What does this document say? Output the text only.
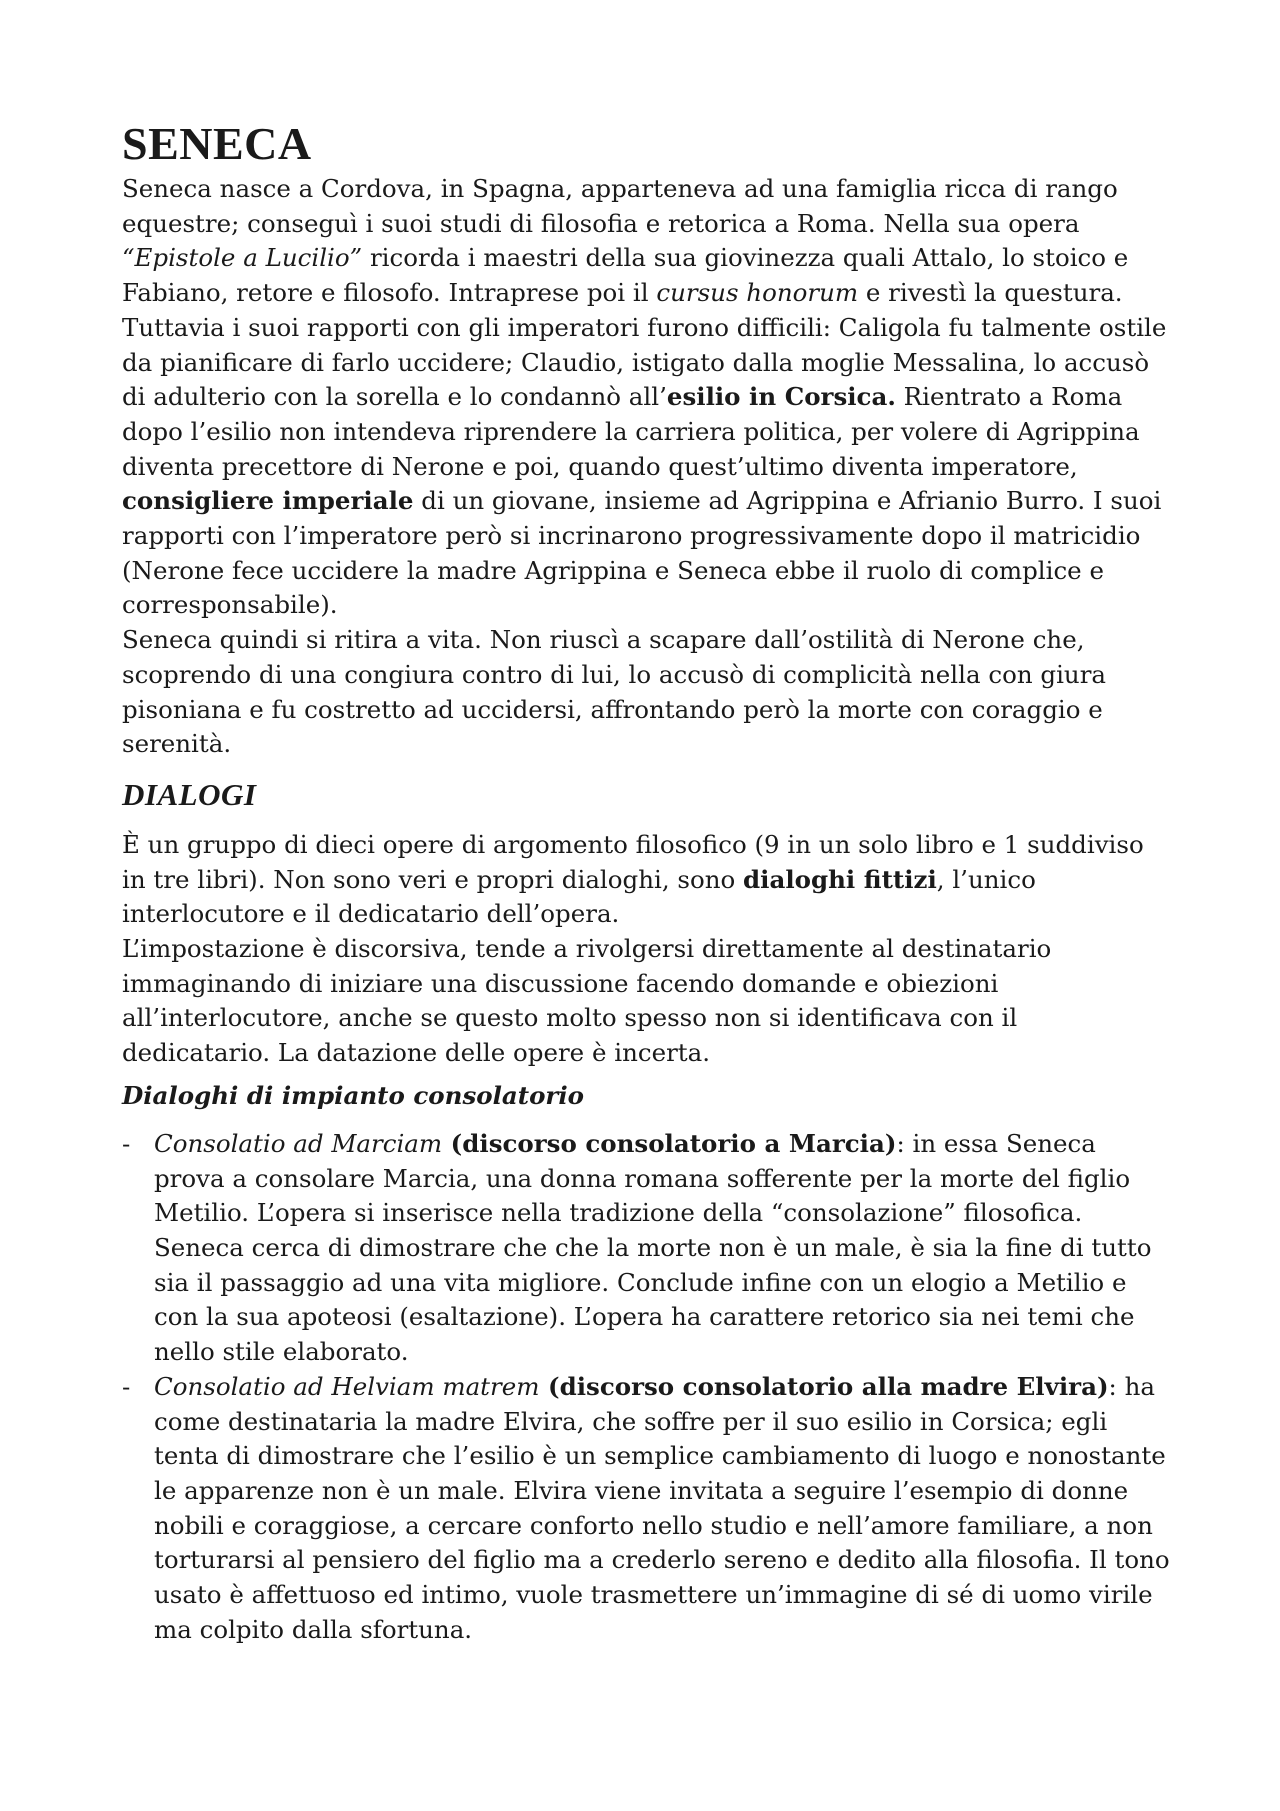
SENECA

Seneca nasce a Cordova, in Spagna, apparteneva ad una famiglia ricca di rango equestre; conseguì i suoi studi di filosofia e retorica a Roma. Nella sua opera “Epistole a Lucilio” ricorda i maestri della sua giovinezza quali Attalo, lo stoico e Fabiano, retore e filosofo. Intraprese poi il cursus honorum e rivestì la questura. Tuttavia i suoi rapporti con gli imperatori furono difficili: Caligola fu talmente ostile da pianificare di farlo uccidere; Claudio, istigato dalla moglie Messalina, lo accusò di adulterio con la sorella e lo condannò all’esilio in Corsica. Rientrato a Roma dopo l’esilio non intendeva riprendere la carriera politica, per volere di Agrippina diventa precettore di Nerone e poi, quando quest’ultimo diventa imperatore, consigliere imperiale di un giovane, insieme ad Agrippina e Afrianio Burro. I suoi rapporti con l’imperatore però si incrinarono progressivamente dopo il matricidio (Nerone fece uccidere la madre Agrippina e Seneca ebbe il ruolo di complice e corresponsabile).

Seneca quindi si ritira a vita. Non riuscì a scapare dall’ostilità di Nerone che, scoprendo di una congiura contro di lui, lo accusò di complicità nella con giura pisoniana e fu costretto ad uccidersi, affrontando però la morte con coraggio e serenità.

DIALOGI

È un gruppo di dieci opere di argomento filosofico (9 in un solo libro e 1 suddiviso in tre libri). Non sono veri e propri dialoghi, sono dialoghi fittizi, l’unico interlocutore e il dedicatario dell’opera.

L’impostazione è discorsiva, tende a rivolgersi direttamente al destinatario immaginando di iniziare una discussione facendo domande e obiezioni all’interlocutore, anche se questo molto spesso non si identificava con il dedicatario. La datazione delle opere è incerta.

Dialoghi di impianto consolatorio
- Consolatio ad Marciam (discorso consolatorio a Marcia): in essa Seneca prova a consolare Marcia, una donna romana sofferente per la morte del figlio Metilio. L’opera si inserisce nella tradizione della “consolazione” filosofica. Seneca cerca di dimostrare che che la morte non è un male, è sia la fine di tutto sia il passaggio ad una vita migliore. Conclude infine con un elogio a Metilio e con la sua apoteosi (esaltazione). L’opera ha carattere retorico sia nei temi che nello stile elaborato.
- Consolatio ad Helviam matrem (discorso consolatorio alla madre Elvira): ha come destinataria la madre Elvira, che soffre per il suo esilio in Corsica; egli tenta di dimostrare che l’esilio è un semplice cambiamento di luogo e nonostante le apparenze non è un male. Elvira viene invitata a seguire l’esempio di donne nobili e coraggiose, a cercare conforto nello studio e nell’amore familiare, a non torturarsi al pensiero del figlio ma a crederlo sereno e dedito alla filosofia. Il tono usato è affettuoso ed intimo, vuole trasmettere un’immagine di sé di uomo virile ma colpito dalla sfortuna.
